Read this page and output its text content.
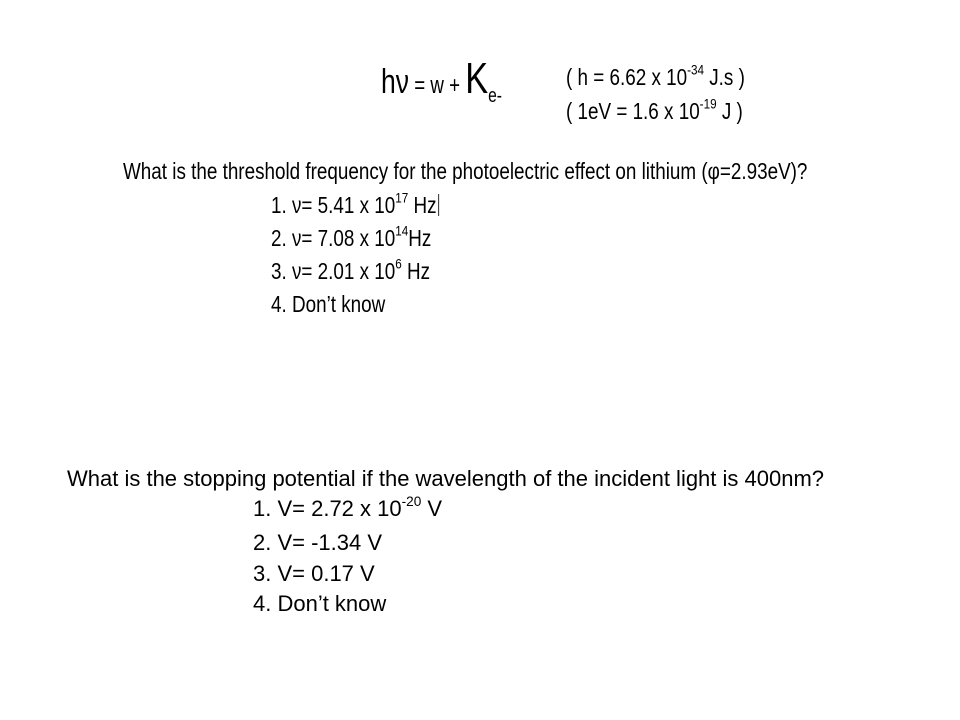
$h\nu = w + K_{e-}$
( h = 6.62 x $10^{-34}$ J.s )
( 1eV = 1.6 x $10^{-19}$ J )
What is the threshold frequency for the photoelectric effect on lithium (φ=2.93eV)?
1. ν= 5.41 x $10^{17}$ Hz
2. ν= 7.08 x $10^{14}Hz$
3. ν= 2.01 x $10^6$ Hz
4. Don’t know
What is the stopping potential if the wavelength of the incident light is 400nm?
1. V= 2.72 x $10^{-20}$ V
2. V= -1.34 V
3. V= 0.17 V
4. Don’t know
